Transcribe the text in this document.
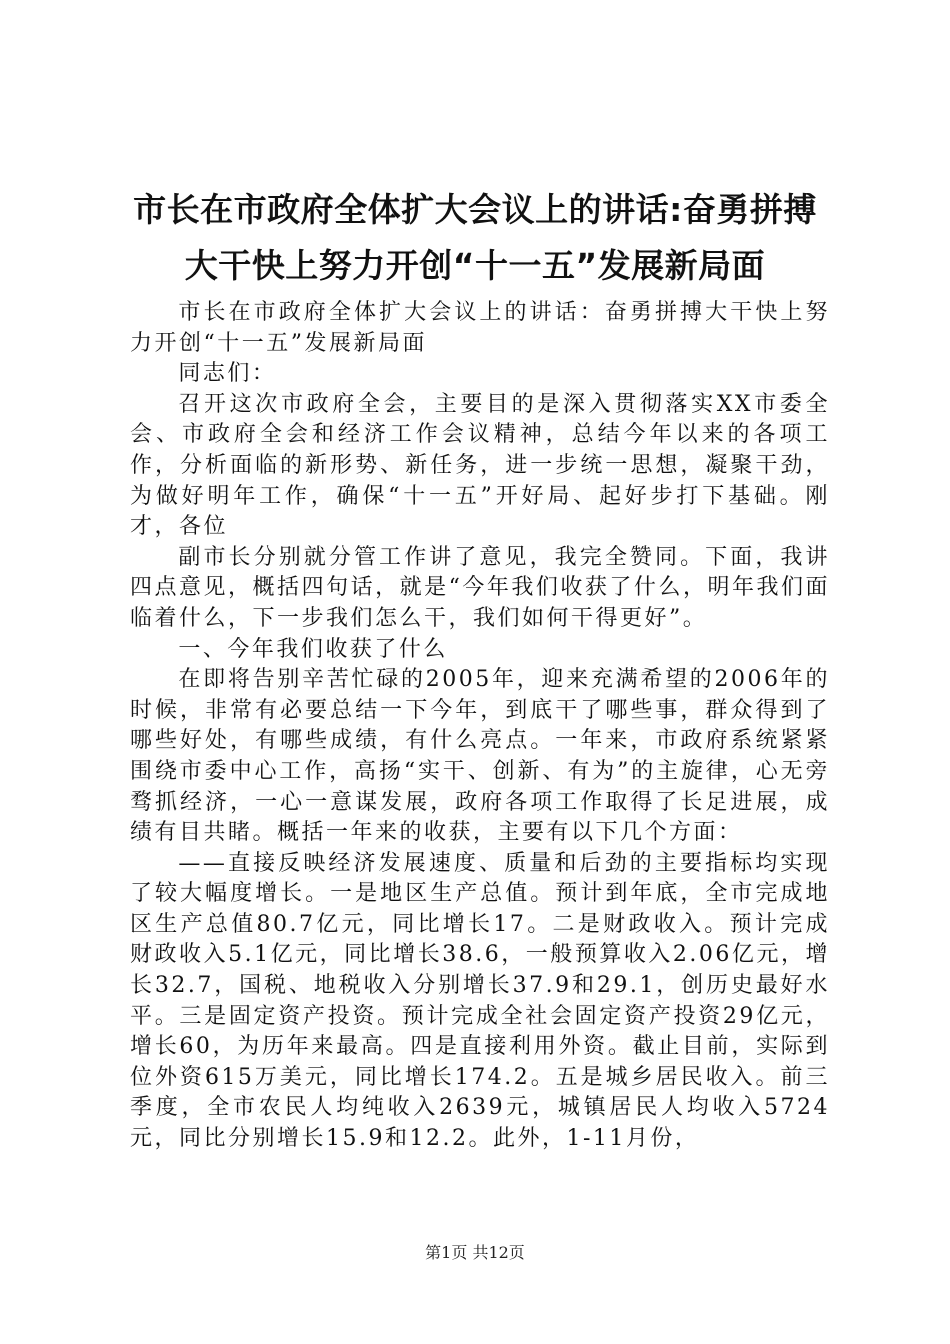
市长在市政府全体扩大会议上的讲话:奋勇拼搏大干快上努力开创“十一五”发展新局面

市长在市政府全体扩大会议上的讲话：奋勇拼搏大干快上努力开创“十一五”发展新局面

同志们：

召开这次市政府全会，主要目的是深入贯彻落实XX市委全会、市政府全会和经济工作会议精神，总结今年以来的各项工作，分析面临的新形势、新任务，进一步统一思想，凝聚干劲，为做好明年工作，确保“十一五”开好局、起好步打下基础。刚才，各位

副市长分别就分管工作讲了意见，我完全赞同。下面，我讲四点意见，概括四句话，就是“今年我们收获了什么，明年我们面临着什么，下一步我们怎么干，我们如何干得更好”。

一、今年我们收获了什么

在即将告别辛苦忙碌的2005年，迎来充满希望的2006年的时候，非常有必要总结一下今年，到底干了哪些事，群众得到了哪些好处，有哪些成绩，有什么亮点。一年来，市政府系统紧紧围绕市委中心工作，高扬“实干、创新、有为”的主旋律，心无旁骛抓经济，一心一意谋发展，政府各项工作取得了长足进展，成绩有目共睹。概括一年来的收获，主要有以下几个方面：

——直接反映经济发展速度、质量和后劲的主要指标均实现了较大幅度增长。一是地区生产总值。预计到年底，全市完成地区生产总值80.7亿元，同比增长17。二是财政收入。预计完成财政收入5.1亿元，同比增长38.6，一般预算收入2.06亿元，增长32.7，国税、地税收入分别增长37.9和29.1，创历史最好水平。三是固定资产投资。预计完成全社会固定资产投资29亿元，增长60，为历年来最高。四是直接利用外资。截止目前，实际到位外资615万美元，同比增长174.2。五是城乡居民收入。前三季度，全市农民人均纯收入2639元，城镇居民人均收入5724元，同比分别增长15.9和12.2。此外，1-11月份，

第1页 共12页
